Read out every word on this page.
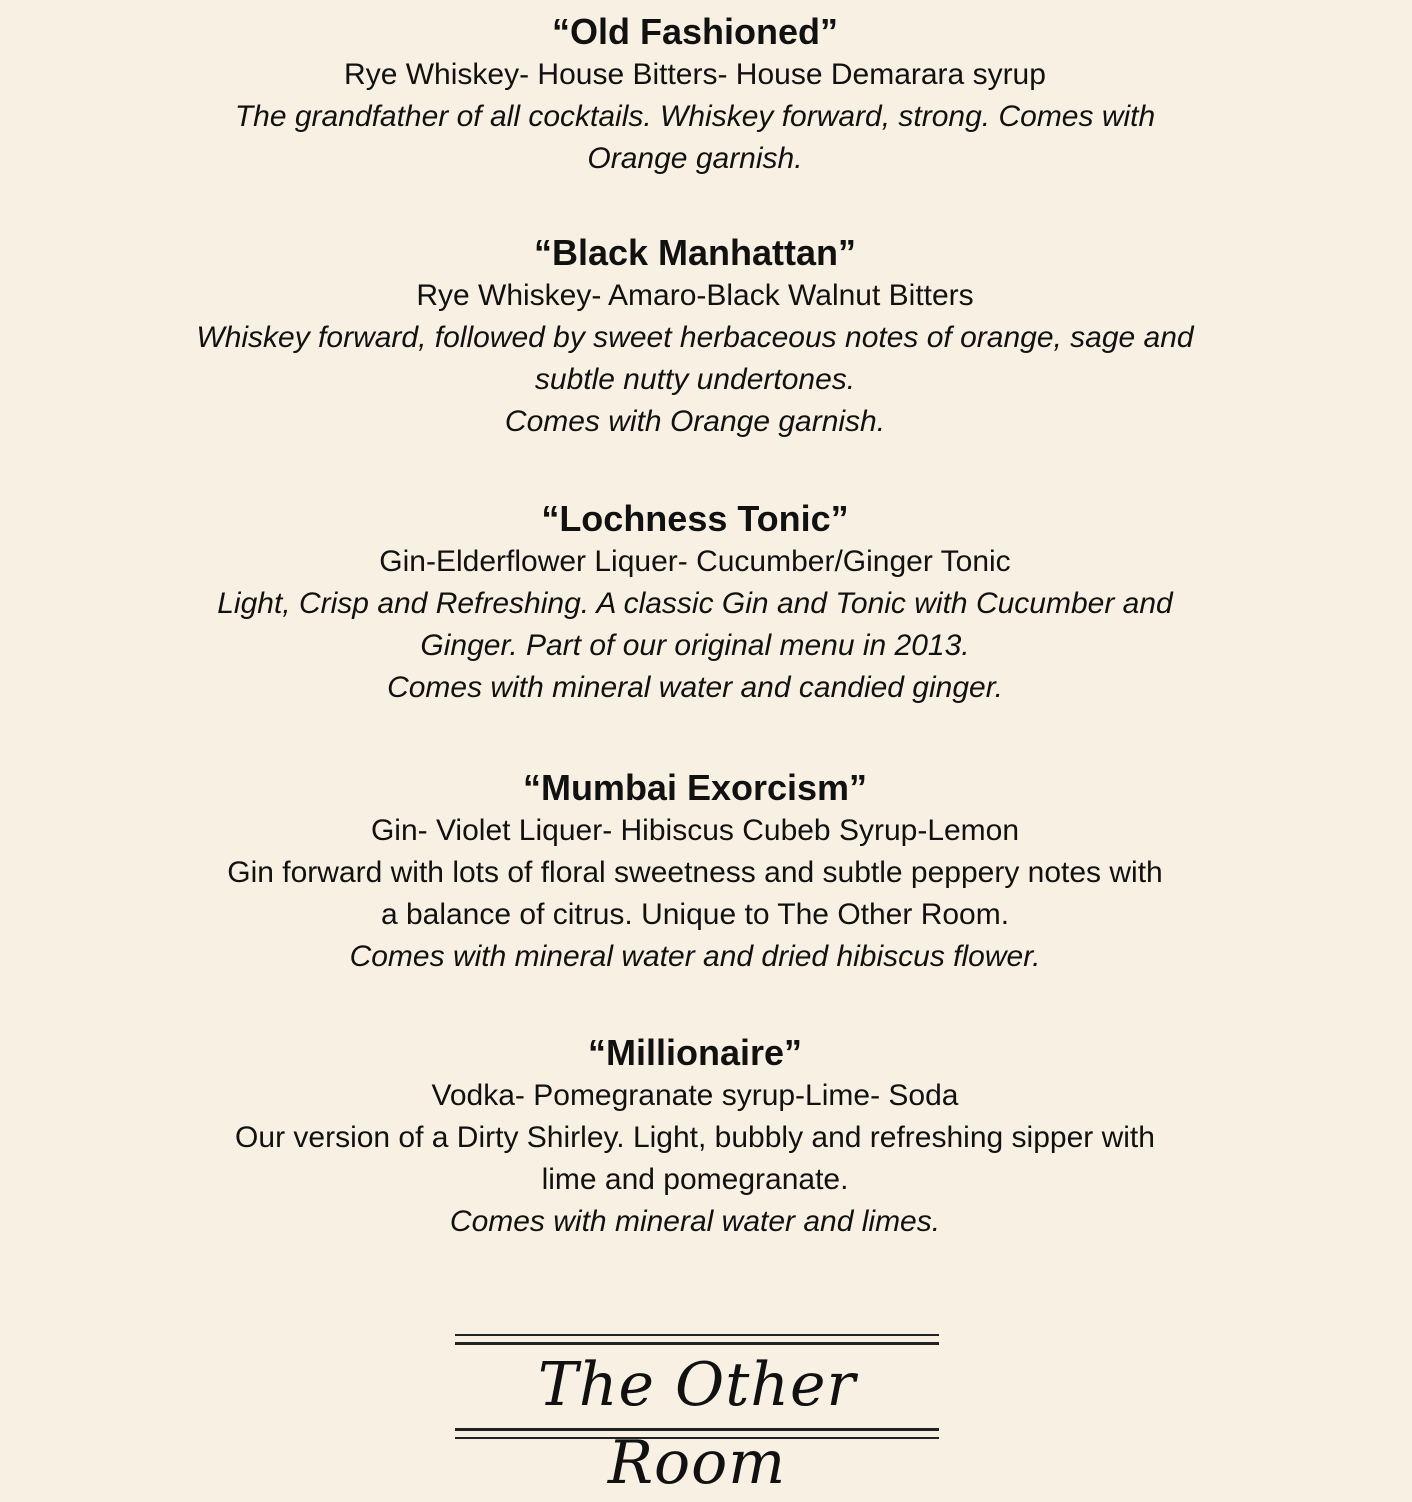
“Old Fashioned”

Rye Whiskey- House Bitters- House Demarara syrup

The grandfather of all cocktails. Whiskey forward, strong. Comes with

Orange garnish.

“Black Manhattan”

Rye Whiskey- Amaro-Black Walnut Bitters

Whiskey forward, followed by sweet herbaceous notes of orange, sage and

subtle nutty undertones.

Comes with Orange garnish.

“Lochness Tonic”

Gin-Elderflower Liquer- Cucumber/Ginger Tonic

Light, Crisp and Refreshing. A classic Gin and Tonic with Cucumber and

Ginger. Part of our original menu in 2013.

Comes with mineral water and candied ginger.

“Mumbai Exorcism”

Gin- Violet Liquer- Hibiscus Cubeb Syrup-Lemon

Gin forward with lots of floral sweetness and subtle peppery notes with

a balance of citrus. Unique to The Other Room.

Comes with mineral water and dried hibiscus flower.

“Millionaire”

Vodka- Pomegranate syrup-Lime- Soda

Our version of a Dirty Shirley. Light, bubbly and refreshing sipper with

lime and pomegranate.

Comes with mineral water and limes.

The Other Room
